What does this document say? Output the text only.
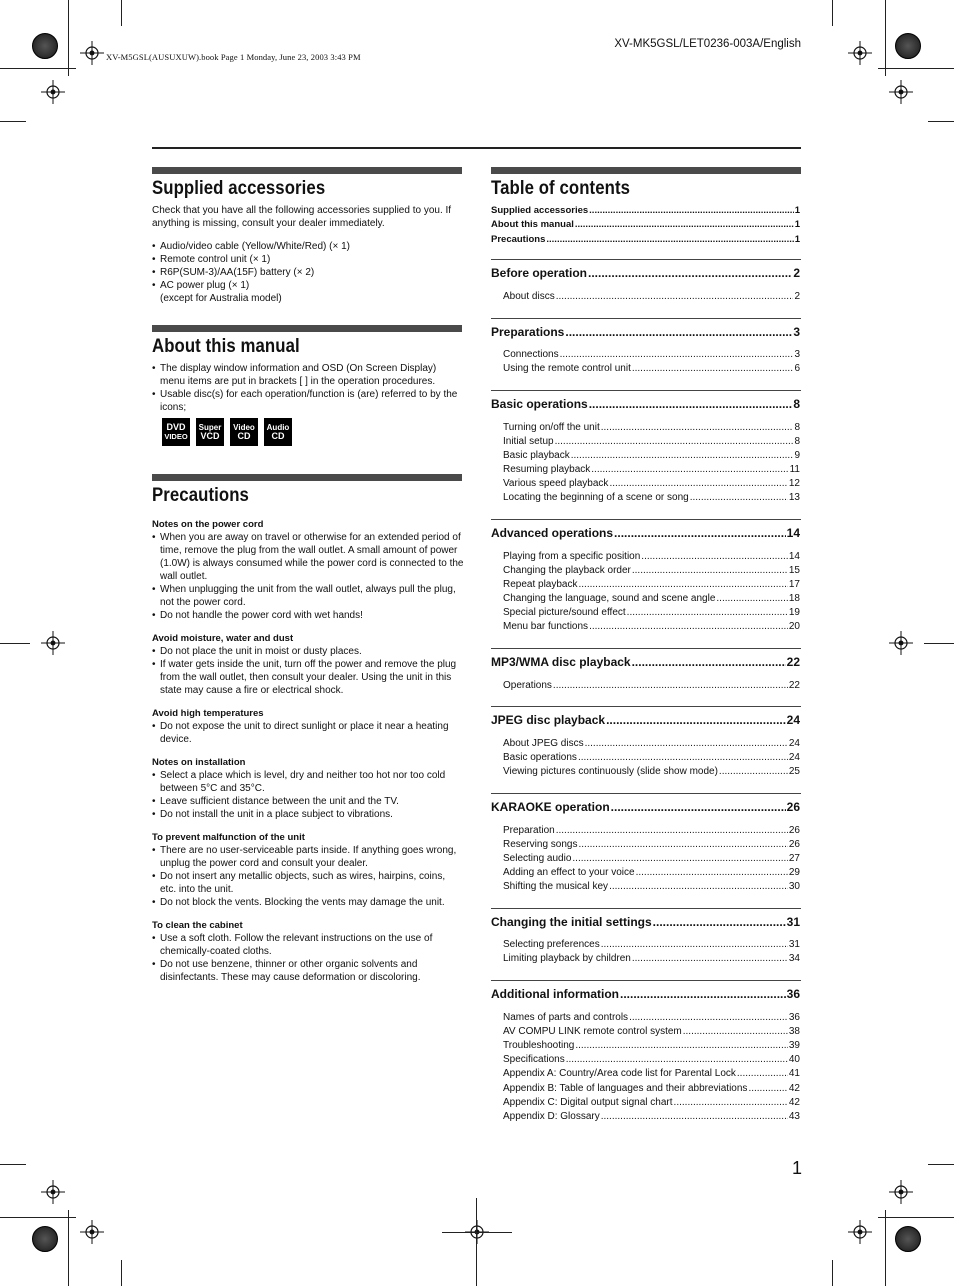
XV-M5GSL(AUSUXUW).book Page 1 Monday, June 23, 2003 3:43 PM
XV-MK5GSL/LET0236-003A/English
Supplied accessories

Check that you have all the following accessories supplied to you. If anything is missing, consult your dealer immediately.

• Audio/video cable (Yellow/White/Red) (× 1)
• Remote control unit (× 1)
• R6P(SUM-3)/AA(15F) battery (× 2)
• AC power plug (× 1)

(except for Australia model)

About this manual
• The display window information and OSD (On Screen Display) menu items are put in brackets [ ] in the operation procedures.
• Usable disc(s) for each operation/function is (are) referred to by the icons;
DVD
VIDEO
Super
VCD
Video
CD
Audio
CD
Precautions
Notes on the power cord
• When you are away on travel or otherwise for an extended period of time, remove the plug from the wall outlet. A small amount of power (1.0W) is always consumed while the power cord is connected to the wall outlet.
• When unplugging the unit from the wall outlet, always pull the plug, not the power cord.
• Do not handle the power cord with wet hands!
Avoid moisture, water and dust
• Do not place the unit in moist or dusty places.
• If water gets inside the unit, turn off the power and remove the plug from the wall outlet, then consult your dealer. Using the unit in this state may cause a fire or electrical shock.
Avoid high temperatures
• Do not expose the unit to direct sunlight or place it near a heating device.
Notes on installation
• Select a place which is level, dry and neither too hot nor too cold between 5°C and 35°C.
• Leave sufficient distance between the unit and the TV.
• Do not install the unit in a place subject to vibrations.
To prevent malfunction of the unit
• There are no user-serviceable parts inside. If anything goes wrong, unplug the power cord and consult your dealer.
• Do not insert any metallic objects, such as wires, hairpins, coins, etc. into the unit.
• Do not block the vents. Blocking the vents may damage the unit.
To clean the cabinet
• Use a soft cloth. Follow the relevant instructions on the use of chemically-coated cloths.
• Do not use benzene, thinner or other organic solvents and disinfectants. These may cause deformation or discoloring.
Table of contents
Supplied accessories .....	1
About this manual .....	1
Precautions .....	1
Before operation .....	2
About discs .....	2
Preparations .....	3
Connections .....	3
Using the remote control unit .....	6
Basic operations .....	8
Turning on/off the unit .....	8
Initial setup .....	8
Basic playback .....	9
Resuming playback .....	11
Various speed playback .....	12
Locating the beginning of a scene or song .....	13
Advanced operations .....	14
Playing from a specific position .....	14
Changing the playback order .....	15
Repeat playback .....	17
Changing the language, sound and scene angle .....	18
Special picture/sound effect .....	19
Menu bar functions .....	20
MP3/WMA disc playback .....	22
Operations .....	22
JPEG disc playback .....	24
About JPEG discs .....	24
Basic operations .....	24
Viewing pictures continuously (slide show mode) .....	25
KARAOKE operation .....	26
Preparation .....	26
Reserving songs .....	26
Selecting audio .....	27
Adding an effect to your voice .....	29
Shifting the musical key .....	30
Changing the initial settings .....	31
Selecting preferences .....	31
Limiting playback by children .....	34
Additional information .....	36
Names of parts and controls .....	36
AV COMPU LINK remote control system .....	38
Troubleshooting .....	39
Specifications .....	40
Appendix A: Country/Area code list for Parental Lock .....	41
Appendix B: Table of languages and their abbreviations .....	42
Appendix C: Digital output signal chart .....	42
Appendix D: Glossary .....	43
1
